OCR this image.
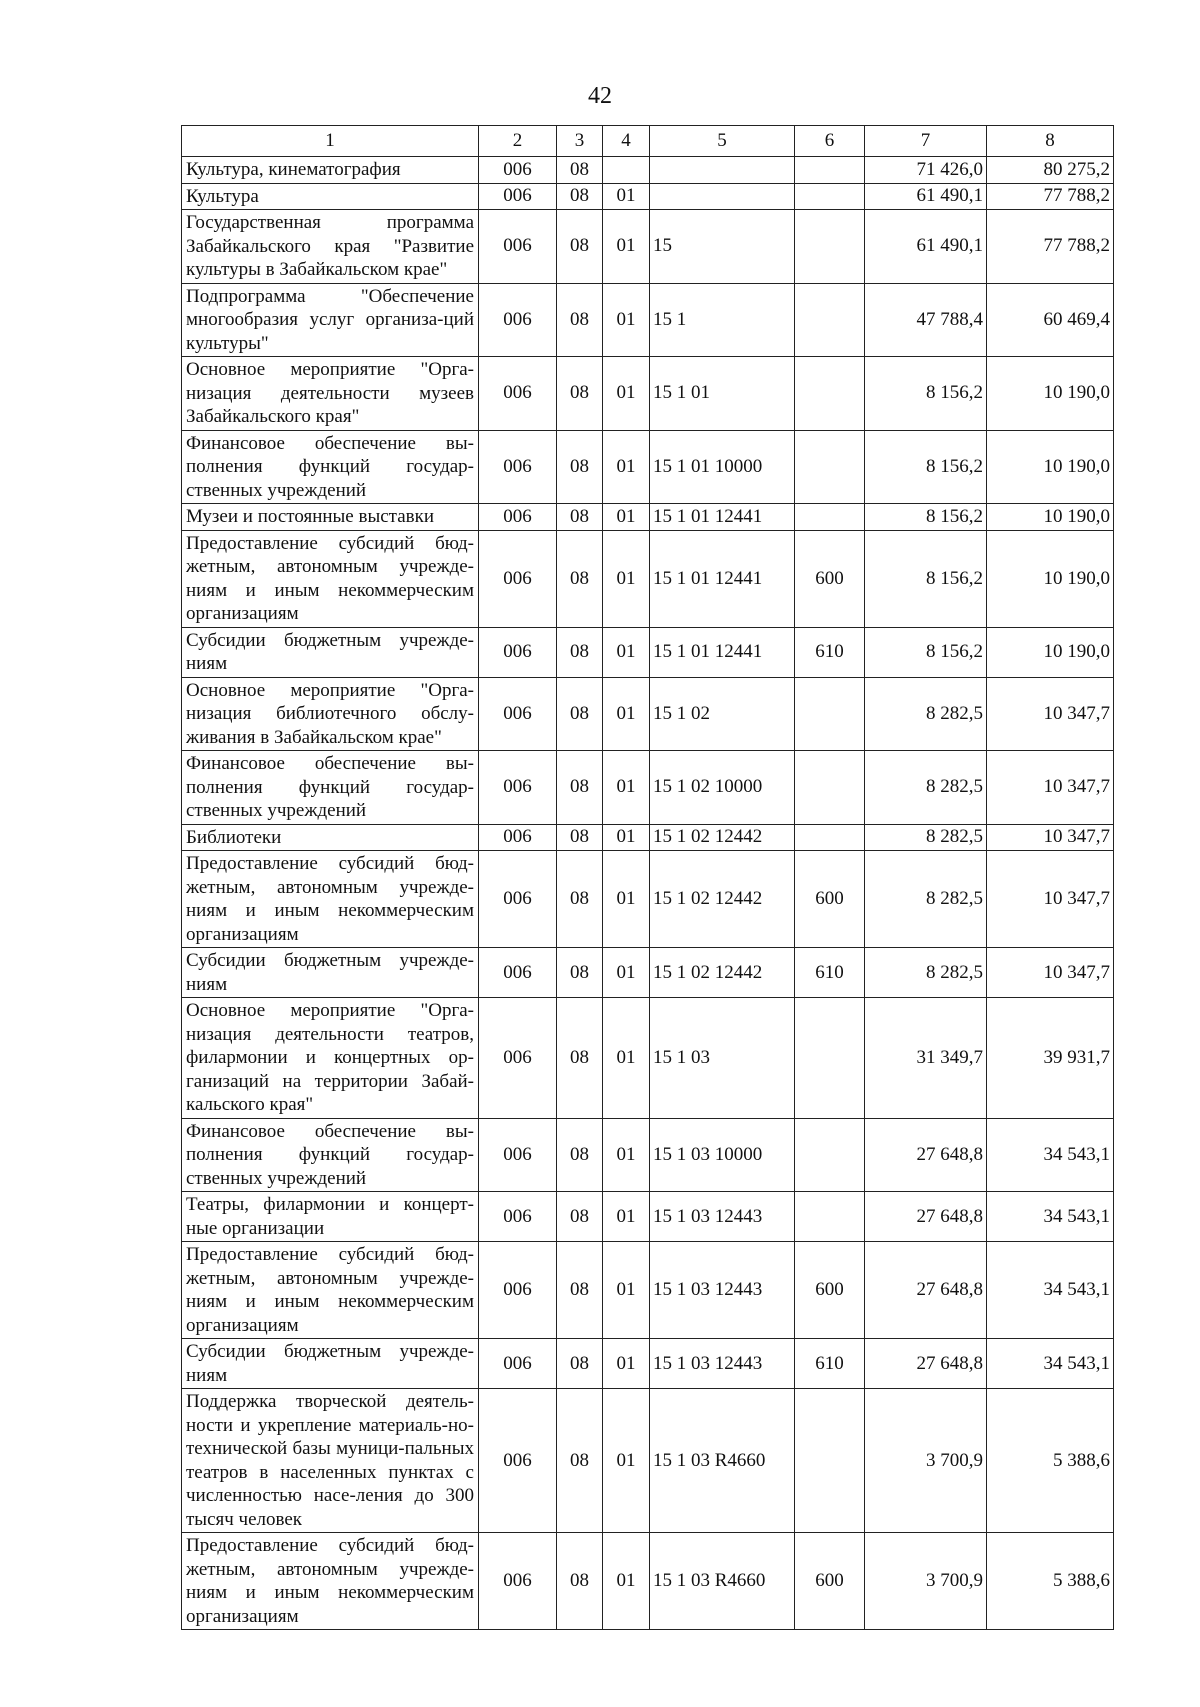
42
1	2	3	4	5	6	7	8
Культура, кинематография	006	08				71 426,0	80 275,2
Культура	006	08	01			61 490,1	77 788,2
Государственная программа Забайкальского края "Развитие культуры в Забайкальском крае"	006	08	01	15		61 490,1	77 788,2
Подпрограмма "Обеспечение многообразия услуг организа-ций культуры"	006	08	01	15 1		47 788,4	60 469,4
Основное мероприятие "Орга-низация деятельности музеев Забайкальского края"	006	08	01	15 1 01		8 156,2	10 190,0
Финансовое обеспечение вы-полнения функций государ-ственных учреждений	006	08	01	15 1 01 10000		8 156,2	10 190,0
Музеи и постоянные выставки	006	08	01	15 1 01 12441		8 156,2	10 190,0
Предоставление субсидий бюд-жетным, автономным учрежде-ниям и иным некоммерческим организациям	006	08	01	15 1 01 12441	600	8 156,2	10 190,0
Субсидии бюджетным учрежде-ниям	006	08	01	15 1 01 12441	610	8 156,2	10 190,0
Основное мероприятие "Орга-низация библиотечного обслу-живания в Забайкальском крае"	006	08	01	15 1 02		8 282,5	10 347,7
Финансовое обеспечение вы-полнения функций государ-ственных учреждений	006	08	01	15 1 02 10000		8 282,5	10 347,7
Библиотеки	006	08	01	15 1 02 12442		8 282,5	10 347,7
Предоставление субсидий бюд-жетным, автономным учрежде-ниям и иным некоммерческим организациям	006	08	01	15 1 02 12442	600	8 282,5	10 347,7
Субсидии бюджетным учрежде-ниям	006	08	01	15 1 02 12442	610	8 282,5	10 347,7
Основное мероприятие "Орга-низация деятельности театров, филармонии и концертных ор-ганизаций на территории Забай-кальского края"	006	08	01	15 1 03		31 349,7	39 931,7
Финансовое обеспечение вы-полнения функций государ-ственных учреждений	006	08	01	15 1 03 10000		27 648,8	34 543,1
Театры, филармонии и концерт-ные организации	006	08	01	15 1 03 12443		27 648,8	34 543,1
Предоставление субсидий бюд-жетным, автономным учрежде-ниям и иным некоммерческим организациям	006	08	01	15 1 03 12443	600	27 648,8	34 543,1
Субсидии бюджетным учрежде-ниям	006	08	01	15 1 03 12443	610	27 648,8	34 543,1
Поддержка творческой деятель-ности и укрепление материаль-но-технической базы муници-пальных театров в населенных пунктах с численностью насе-ления до 300 тысяч человек	006	08	01	15 1 03 R4660		3 700,9	5 388,6
Предоставление субсидий бюд-жетным, автономным учрежде-ниям и иным некоммерческим организациям	006	08	01	15 1 03 R4660	600	3 700,9	5 388,6
